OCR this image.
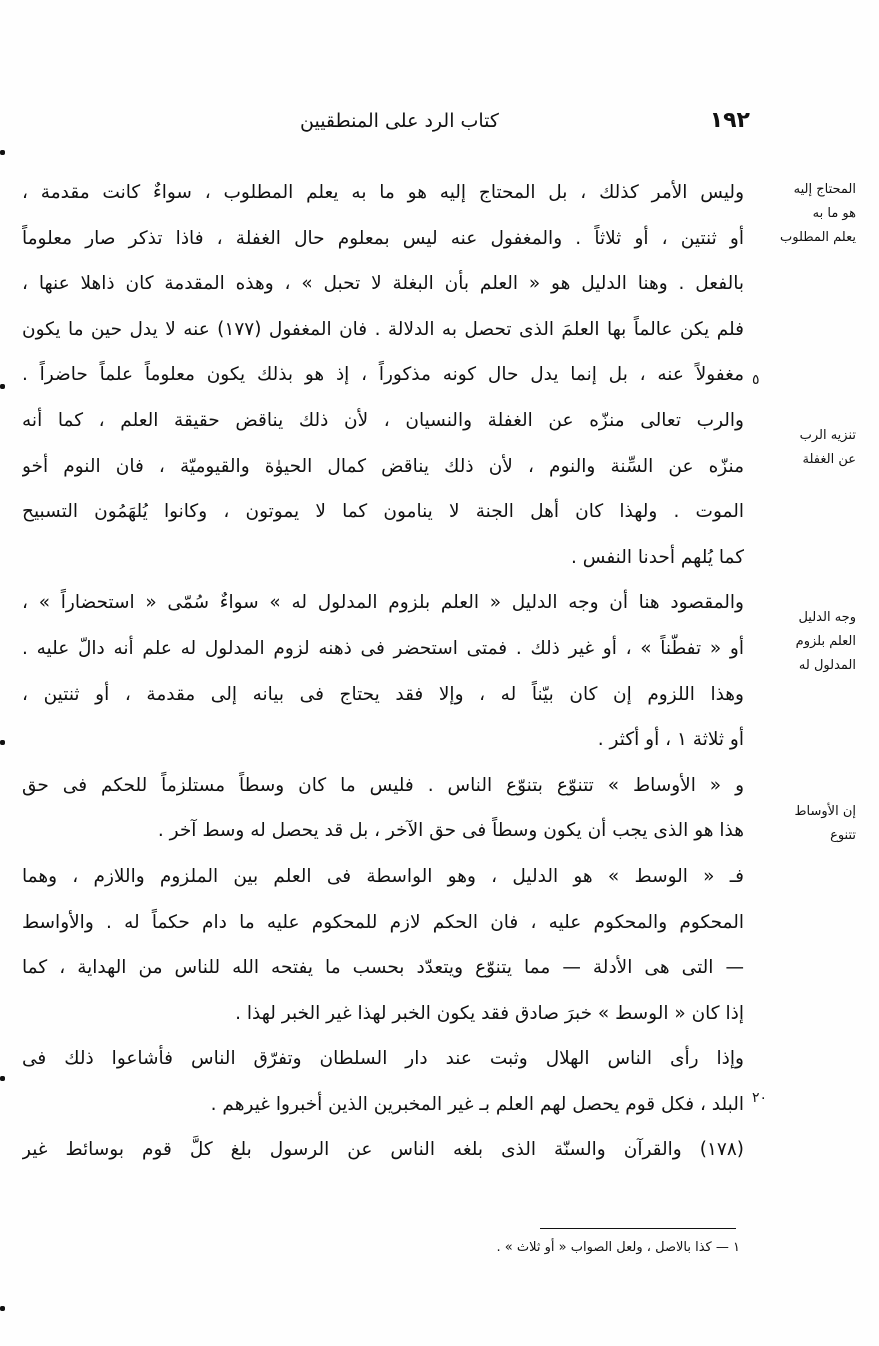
١٩٢
كتاب الرد على المنطقيين
وليس الأمر كذلك ، بل المحتاج إليه هو ما به يعلم المطلوب ، سواءٌ كانت مقدمة ،
أو ثنتين ، أو ثلاثاً . والمغفول عنه ليس بمعلوم حال الغفلة ، فاذا تذكر صار معلوماً
بالفعل . وهنا الدليل هو « العلم بأن البغلة لا تحبل » ، وهذه المقدمة كان ذاهلا عنها ،
فلم يكن عالماً بها العلمَ الذى تحصل به الدلالة . فان المغفول (١٧٧) عنه لا يدل حين ما يكون
مغفولاً عنه ، بل إنما يدل حال كونه مذكوراً ، إذ هو بذلك يكون معلوماً علماً حاضراً .
والرب تعالى منزّه عن الغفلة والنسيان ، لأن ذلك يناقض حقيقة العلم ، كما أنه
منزّه عن السِّنة والنوم ، لأن ذلك يناقض كمال الحيوٰة والقيوميّة ، فان النوم أخو
الموت . ولهذا كان أهل الجنة لا ينامون كما لا يموتون ، وكانوا يُلهَمُون التسبيح
كما يُلهم أحدنا النفس .
والمقصود هنا أن وجه الدليل « العلم بلزوم المدلول له » سواءٌ سُمّى « استحضاراً » ،
أو « تفطّناً » ، أو غير ذلك . فمتى استحضر فى ذهنه لزوم المدلول له علم أنه دالّ عليه .
وهذا اللزوم إن كان بيّناً له ، وإلا فقد يحتاج فى بيانه إلى مقدمة ، أو ثنتين ،
أو ثلاثة ١ ، أو أكثر .
و « الأوساط » تتنوّع بتنوّع الناس . فليس ما كان وسطاً مستلزماً للحكم فى حق
هذا هو الذى يجب أن يكون وسطاً فى حق الآخر ، بل قد يحصل له وسط آخر .
فـ « الوسط » هو الدليل ، وهو الواسطة فى العلم بين الملزوم واللازم ، وهما
المحكوم والمحكوم عليه ، فان الحكم لازم للمحكوم عليه ما دام حكماً له . والأواسط
— التى هى الأدلة — مما يتنوّع ويتعدّد بحسب ما يفتحه الله للناس من الهداية ، كما
إذا كان « الوسط » خبرَ صادق فقد يكون الخبر لهذا غير الخبر لهذا .
وإذا رأى الناس الهلال وثبت عند دار السلطان وتفرّق الناس فأشاعوا ذلك فى
البلد ، فكل قوم يحصل لهم العلم بـ غير المخبرين الذين أخبروا غيرهم .
(١٧٨) والقرآن والسنّة الذى بلغه الناس عن الرسول بلغ كلَّ قوم بوسائط غير
المحتاج إليه
هو ما به
يعلم المطلوب
تنزيه الرب
عن الغفلة
وجه الدليل
العلم بلزوم
المدلول له
إن الأوساط
تتنوع
٥
٢٠
١ — كذا بالاصل ، ولعل الصواب « أو ثلاث » .
